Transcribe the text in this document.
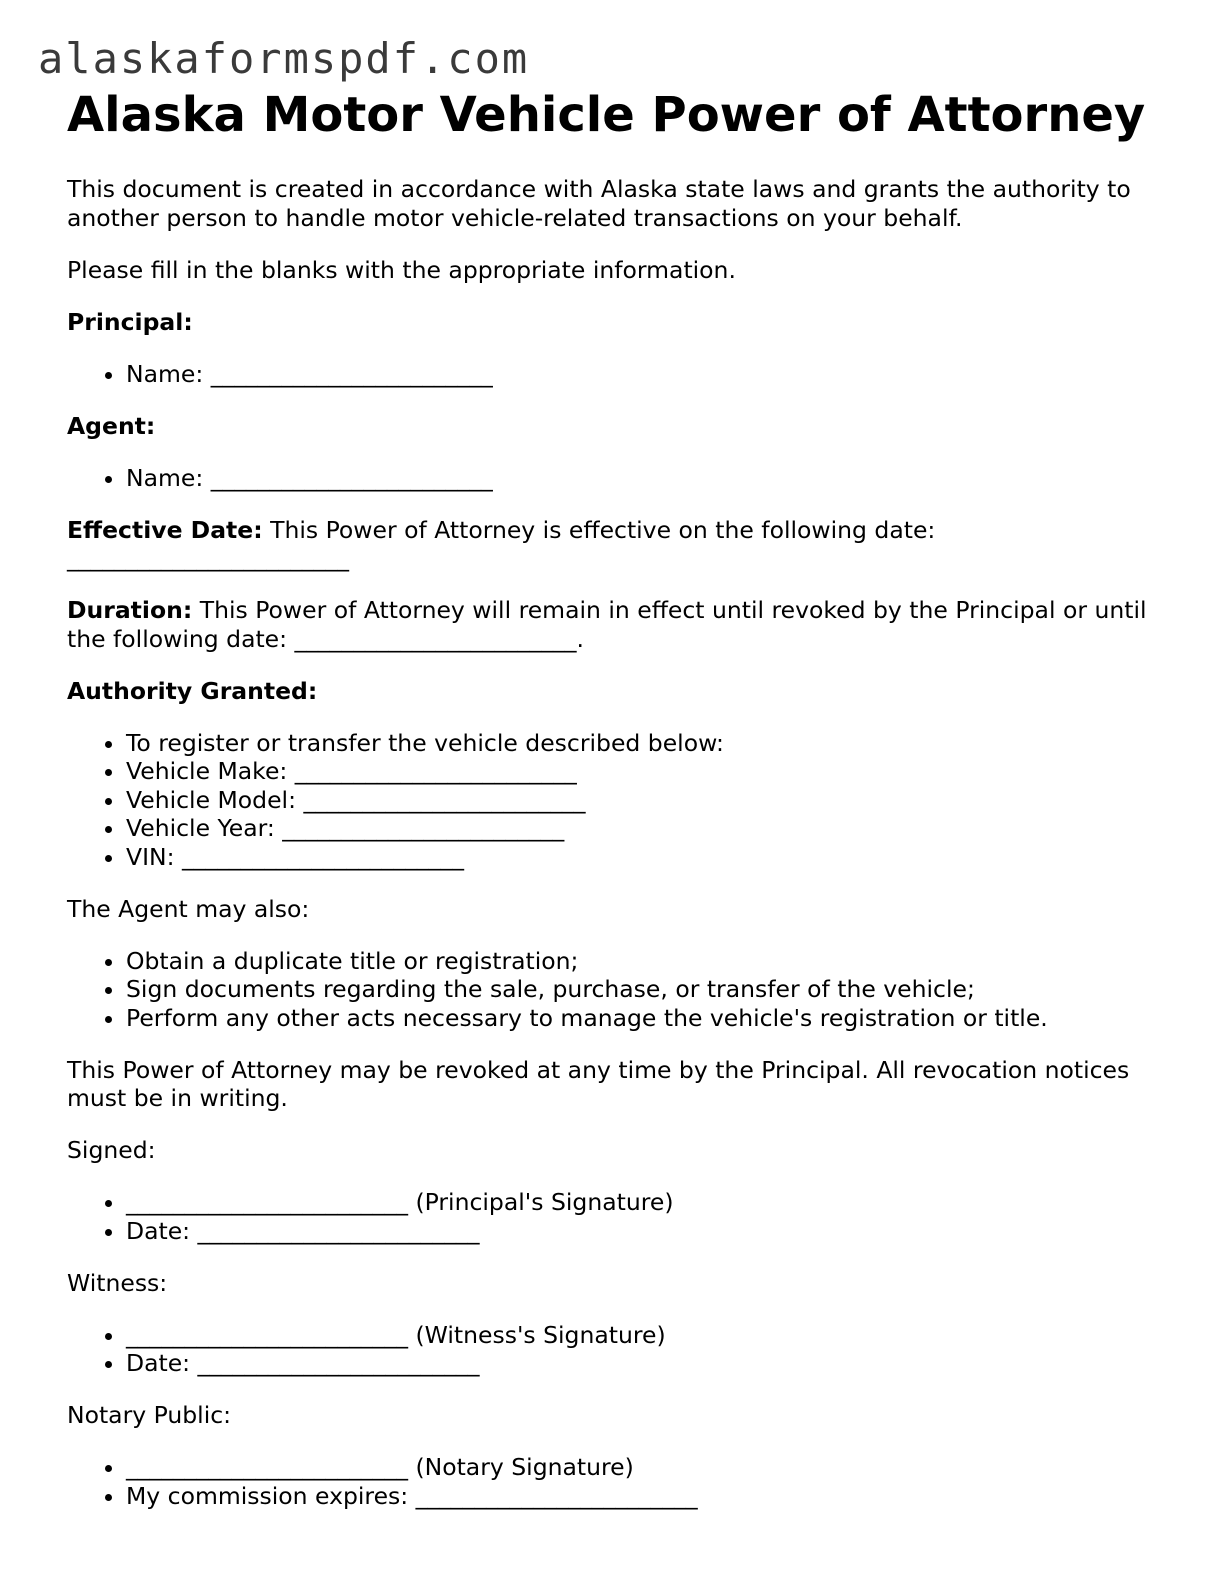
alaskaformspdf.com
Alaska Motor Vehicle Power of Attorney

This document is created in accordance with Alaska state laws and grants the authority to another person to handle motor vehicle-related transactions on your behalf.

Please fill in the blanks with the appropriate information.

Principal:

• Name: ________________________

Agent:

• Name: ________________________

Effective Date: This Power of Attorney is effective on the following date: ________________________

Duration: This Power of Attorney will remain in effect until revoked by the Principal or until the following date: ________________________.

Authority Granted:

• To register or transfer the vehicle described below:
• Vehicle Make: ________________________
• Vehicle Model: ________________________
• Vehicle Year: ________________________
• VIN: ________________________

The Agent may also:

• Obtain a duplicate title or registration;
• Sign documents regarding the sale, purchase, or transfer of the vehicle;
• Perform any other acts necessary to manage the vehicle's registration or title.

This Power of Attorney may be revoked at any time by the Principal. All revocation notices must be in writing.

Signed:

• ________________________ (Principal's Signature)
• Date: ________________________

Witness:

• ________________________ (Witness's Signature)
• Date: ________________________

Notary Public:

• ________________________ (Notary Signature)
• My commission expires: ________________________
